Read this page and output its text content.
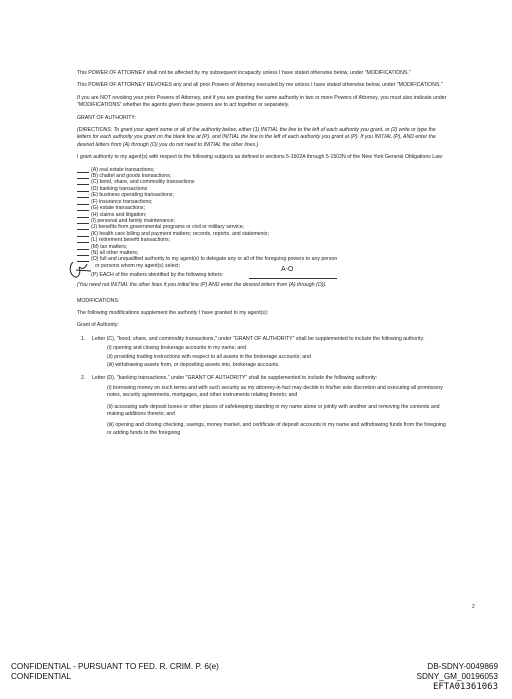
This POWER OF ATTORNEY shall not be affected by my subsequent incapacity unless I have stated otherwise below, under "MODIFICATIONS."

This POWER OF ATTORNEY REVOKES any and all prior Powers of Attorney executed by me unless I have stated otherwise below, under "MODIFICATIONS."

If you are NOT revoking your prior Powers of Attorney, and if you are granting the same authority in two or more Powers of Attorney, you must also indicate under "MODIFICATIONS" whether the agents given these powers are to act together or separately.

GRANT OF AUTHORITY:

(DIRECTIONS: To grant your agent some or all of the authority below, either (1) INITIAL the line to the left of each authority you grant, or (2) write or type the letters for each authority you grant on the blank line at (P), and INITIAL the line to the left of each authority you grant at (P). If you INITIAL (P), AND enter the desired letters from (A) through (O) you do not need to INITIAL the other lines.)

I grant authority to my agent(s) with respect to the following subjects as defined in sections 5-1502A through 5-1502N of the New York General Obligations Law:

(A) real estate transactions;
(B) chattel and goods transactions;
(C) bond, share, and commodity transactions
(D) banking transactions
(E) business operating transactions;
(F) insurance transactions;
(G) estate transactions;
(H) claims and litigation;
(I) personal and family maintenance;
(J) benefits from governmental programs or civil or military service;
(K) health care billing and payment matters; records, reports, and statements;
(L) retirement benefit transactions;
(M) tax matters;
(N) all other matters;
(O) full and unqualified authority to my agent(s) to delegate any or all of the foregoing powers to any person
or persons whom my agent(s) select;
(P) EACH of the matters identified by the following letters:
A-O

(You need not INITIAL the other lines if you initial line (P) AND enter the desired letters from (A) through (O)).

MODIFICATIONS:

The following modifications supplement the authority I have granted to my agent(s):

Grant of Authority:

1. Letter (C), "bond, share, and commodity transactions," under "GRANT OF AUTHORITY" shall be supplemented to include the following authority:
(i) opening and closing brokerage accounts in my name; and
(ii) providing trading instructions with respect to all assets in the brokerage accounts; and
(iii) withdrawing assets from, or depositing assets into, brokerage accounts.
2. Letter (D), "banking transactions," under "GRANT OF AUTHORITY" shall be supplemented to include the following authority:
(i) borrowing money on such terms and with such security as my attorney-in-fact may decide in his/her sole discretion and executing all promissory notes, security agreements, mortgages, and other instruments relating thereto; and
(ii) accessing safe deposit boxes or other places of safekeeping standing in my name alone or jointly with another and removing the contents and making additions thereto; and
(iii) opening and closing checking, savings, money market, and certificate of deposit accounts in my name and withdrawing funds from the foregoing or adding funds to the foregoing
2
CONFIDENTIAL - PURSUANT TO FED. R. CRIM. P. 6(e)
CONFIDENTIAL
DB-SDNY-0049869
SDNY_GM_00196053
EFTA01361063
